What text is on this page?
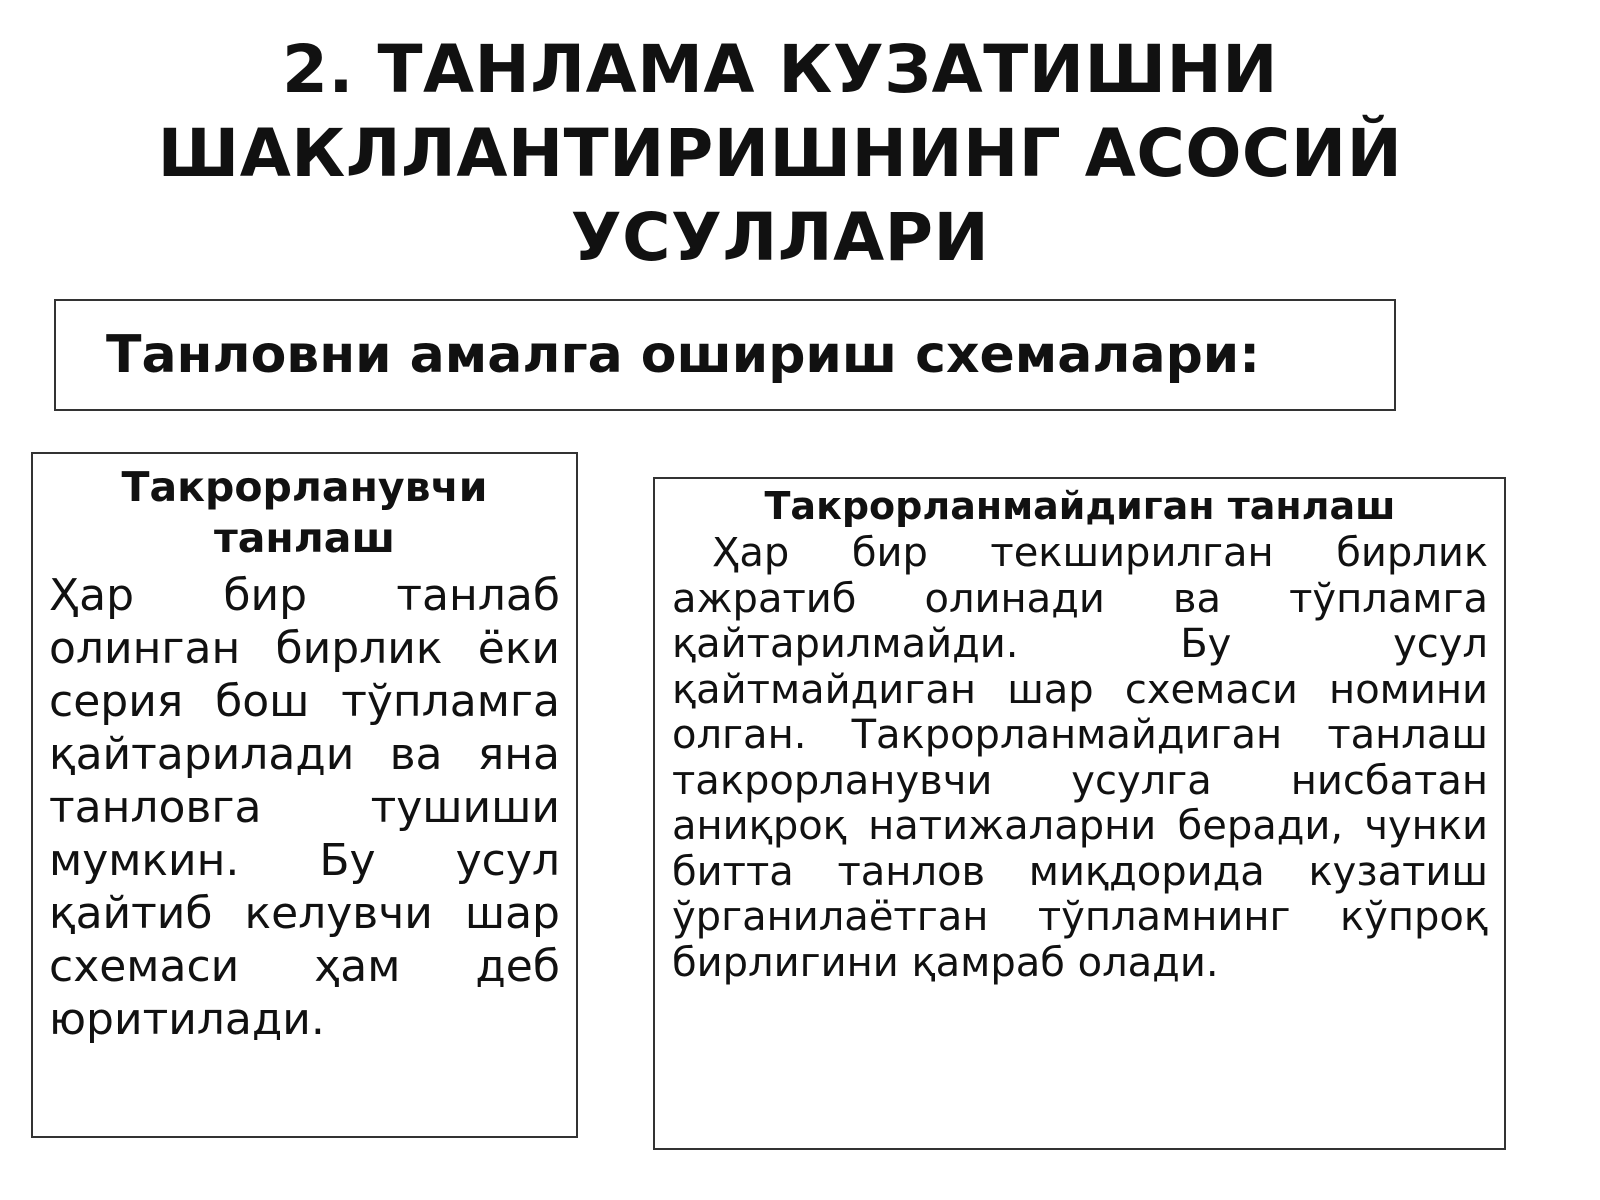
2. ТАНЛАМА КУЗАТИШНИ ШАКЛЛАНТИРИШНИНГ АСОСИЙ УСУЛЛАРИ
Танловни амалга ошириш схемалари:
Такрорланувчи танлаш

Ҳар бир танлаб олинган бирлик ёки серия бош тўпламга қайтарилади ва яна танловга тушиши мумкин. Бу усул қайтиб келувчи шар схемаси ҳам деб юритилади.

Такрорланмайдиган танлаш

Ҳар бир текширилган бирлик ажратиб олинади ва тўпламга қайтарилмайди. Бу усул қайтмайдиган шар схемаси номини олган. Такрорланмайдиган танлаш такрорланувчи усулга нисбатан аниқроқ натижаларни беради, чунки битта танлов миқдорида кузатиш ўрганилаётган тўпламнинг кўпроқ бирлигини қамраб олади.
